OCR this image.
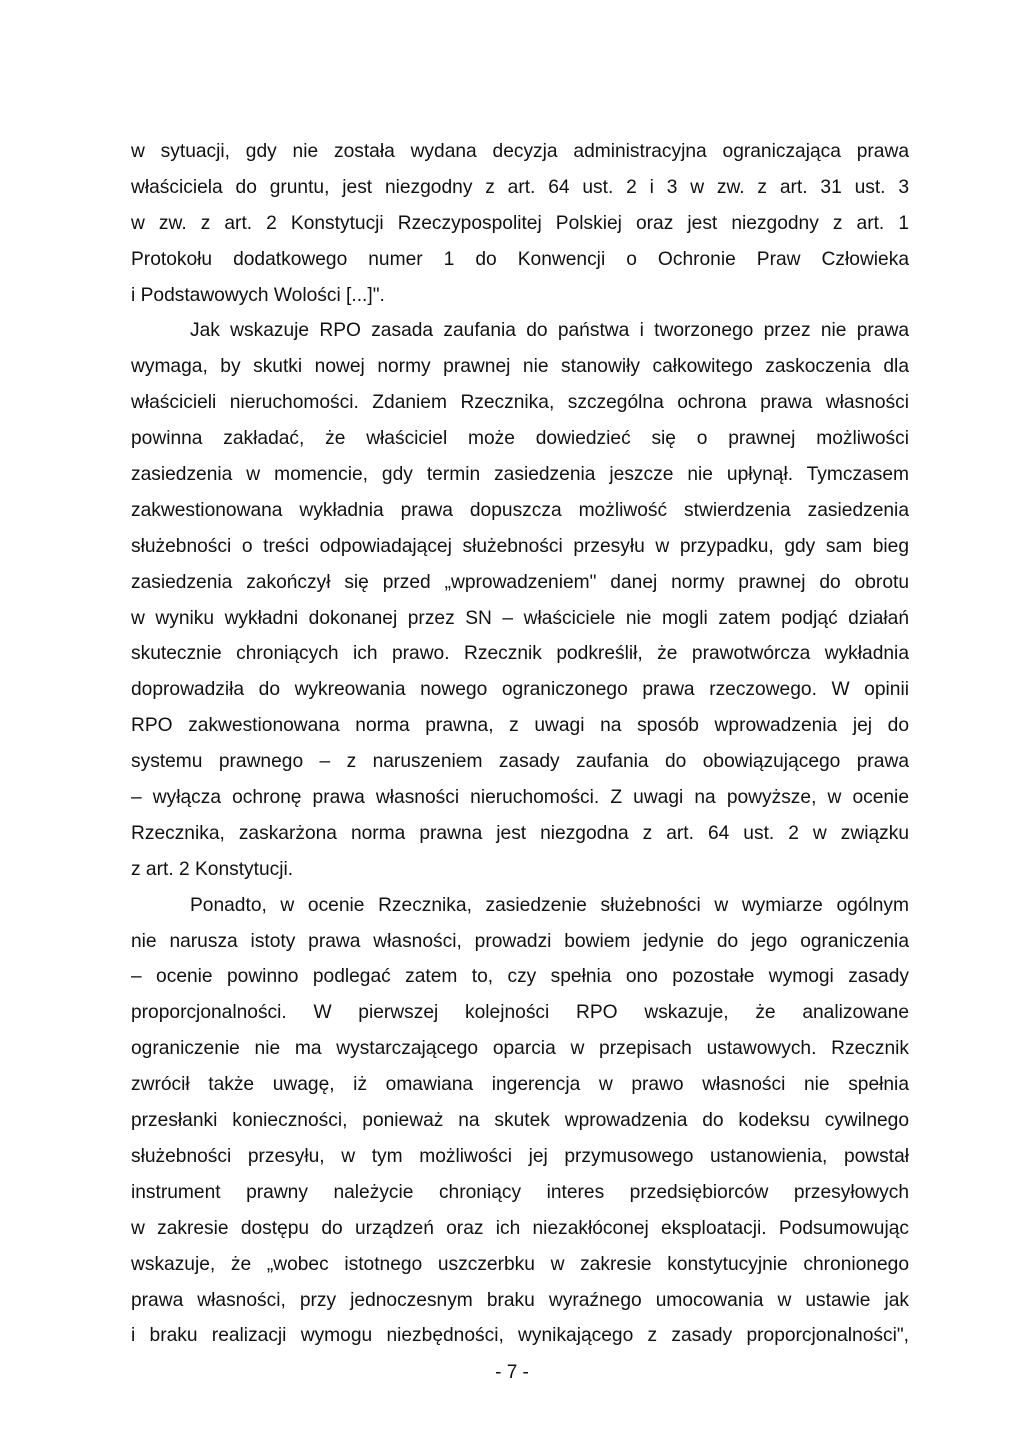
w sytuacji, gdy nie została wydana decyzja administracyjna ograniczająca prawa
właściciela do gruntu, jest niezgodny z art. 64 ust. 2 i 3 w zw. z art. 31 ust. 3
w zw. z art. 2 Konstytucji Rzeczypospolitej Polskiej oraz jest niezgodny z art. 1
Protokołu dodatkowego numer 1 do Konwencji o Ochronie Praw Człowieka
i Podstawowych Wolości [...]".
Jak wskazuje RPO zasada zaufania do państwa i tworzonego przez nie prawa
wymaga, by skutki nowej normy prawnej nie stanowiły całkowitego zaskoczenia dla
właścicieli nieruchomości. Zdaniem Rzecznika, szczególna ochrona prawa własności
powinna zakładać, że właściciel może dowiedzieć się o prawnej możliwości
zasiedzenia w momencie, gdy termin zasiedzenia jeszcze nie upłynął. Tymczasem
zakwestionowana wykładnia prawa dopuszcza możliwość stwierdzenia zasiedzenia
służebności o treści odpowiadającej służebności przesyłu w przypadku, gdy sam bieg
zasiedzenia zakończył się przed „wprowadzeniem" danej normy prawnej do obrotu
w wyniku wykładni dokonanej przez SN – właściciele nie mogli zatem podjąć działań
skutecznie chroniących ich prawo. Rzecznik podkreślił, że prawotwórcza wykładnia
doprowadziła do wykreowania nowego ograniczonego prawa rzeczowego. W opinii
RPO zakwestionowana norma prawna, z uwagi na sposób wprowadzenia jej do
systemu prawnego – z naruszeniem zasady zaufania do obowiązującego prawa
– wyłącza ochronę prawa własności nieruchomości. Z uwagi na powyższe, w ocenie
Rzecznika, zaskarżona norma prawna jest niezgodna z art. 64 ust. 2 w związku
z art. 2 Konstytucji.
Ponadto, w ocenie Rzecznika, zasiedzenie służebności w wymiarze ogólnym
nie narusza istoty prawa własności, prowadzi bowiem jedynie do jego ograniczenia
– ocenie powinno podlegać zatem to, czy spełnia ono pozostałe wymogi zasady
proporcjonalności. W pierwszej kolejności RPO wskazuje, że analizowane
ograniczenie nie ma wystarczającego oparcia w przepisach ustawowych. Rzecznik
zwrócił także uwagę, iż omawiana ingerencja w prawo własności nie spełnia
przesłanki konieczności, ponieważ na skutek wprowadzenia do kodeksu cywilnego
służebności przesyłu, w tym możliwości jej przymusowego ustanowienia, powstał
instrument prawny należycie chroniący interes przedsiębiorców przesyłowych
w zakresie dostępu do urządzeń oraz ich niezakłóconej eksploatacji. Podsumowując
wskazuje, że „wobec istotnego uszczerbku w zakresie konstytucyjnie chronionego
prawa własności, przy jednoczesnym braku wyraźnego umocowania w ustawie jak
i braku realizacji wymogu niezbędności, wynikającego z zasady proporcjonalności",
- 7 -
